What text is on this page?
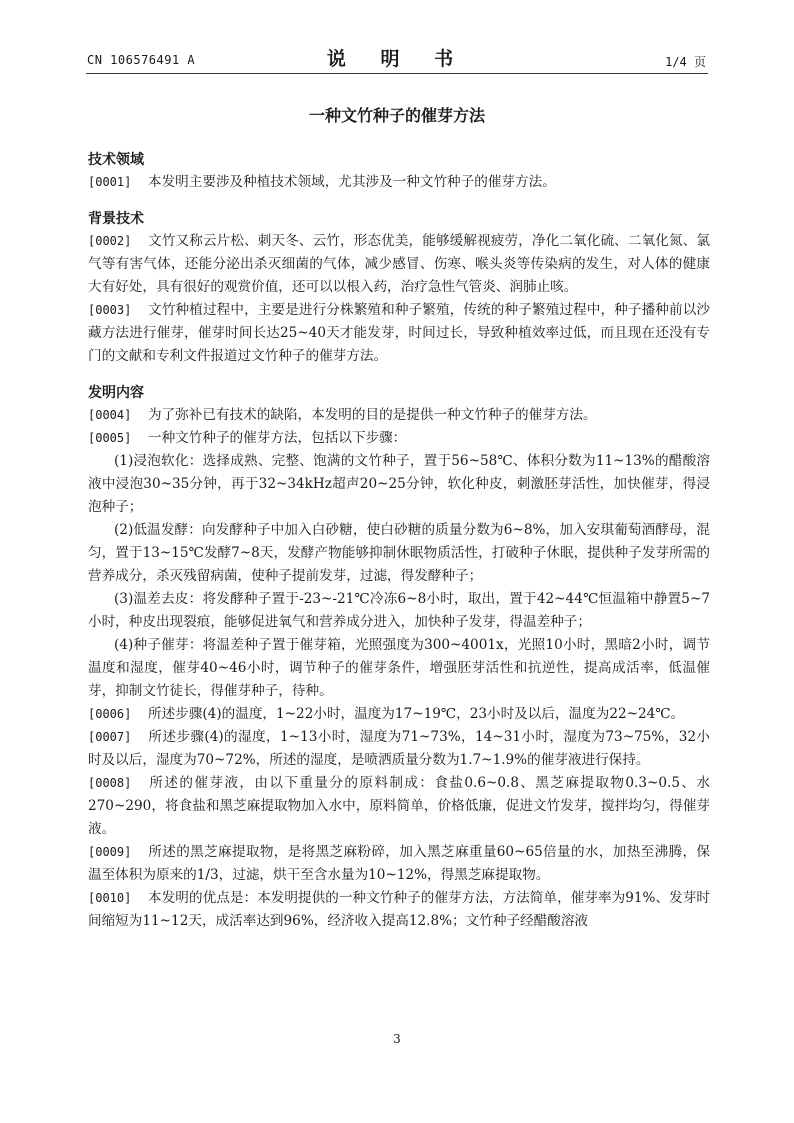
CN 106576491 A	说 明 书	1/4 页
一种文竹种子的催芽方法

技术领域

[0001] 本发明主要涉及种植技术领域，尤其涉及一种文竹种子的催芽方法。

背景技术

[0002] 文竹又称云片松、刺天冬、云竹，形态优美，能够缓解视疲劳，净化二氧化硫、二氧化氮、氯气等有害气体，还能分泌出杀灭细菌的气体，减少感冒、伤寒、喉头炎等传染病的发生，对人体的健康大有好处，具有很好的观赏价值，还可以以根入药，治疗急性气管炎、润肺止咳。

[0003] 文竹种植过程中，主要是进行分株繁殖和种子繁殖，传统的种子繁殖过程中，种子播种前以沙藏方法进行催芽，催芽时间长达25~40天才能发芽，时间过长，导致种植效率过低，而且现在还没有专门的文献和专利文件报道过文竹种子的催芽方法。

发明内容

[0004] 为了弥补已有技术的缺陷，本发明的目的是提供一种文竹种子的催芽方法。

[0005] 一种文竹种子的催芽方法，包括以下步骤：

(1)浸泡软化：选择成熟、完整、饱满的文竹种子，置于56~58℃、体积分数为11~13%的醋酸溶液中浸泡30~35分钟，再于32~34kHz超声20~25分钟，软化种皮，刺激胚芽活性，加快催芽，得浸泡种子；

(2)低温发酵：向发酵种子中加入白砂糖，使白砂糖的质量分数为6~8%，加入安琪葡萄酒酵母，混匀，置于13~15℃发酵7~8天，发酵产物能够抑制休眠物质活性，打破种子休眠，提供种子发芽所需的营养成分，杀灭残留病菌，使种子提前发芽，过滤，得发酵种子；

(3)温差去皮：将发酵种子置于-23~-21℃冷冻6~8小时，取出，置于42~44℃恒温箱中静置5~7小时，种皮出现裂痕，能够促进氧气和营养成分进入，加快种子发芽，得温差种子；

(4)种子催芽：将温差种子置于催芽箱，光照强度为300~4001x，光照10小时，黑暗2小时，调节温度和湿度，催芽40~46小时，调节种子的催芽条件，增强胚芽活性和抗逆性，提高成活率，低温催芽，抑制文竹徒长，得催芽种子，待种。

[0006] 所述步骤(4)的温度，1~22小时，温度为17~19℃，23小时及以后，温度为22~24℃。

[0007] 所述步骤(4)的湿度，1~13小时，湿度为71~73%，14~31小时，湿度为73~75%，32小时及以后，湿度为70~72%，所述的湿度，是喷洒质量分数为1.7~1.9%的催芽液进行保持。

[0008] 所述的催芽液，由以下重量分的原料制成：食盐0.6~0.8、黑芝麻提取物0.3~0.5、水270~290，将食盐和黑芝麻提取物加入水中，原料简单，价格低廉，促进文竹发芽，搅拌均匀，得催芽液。

[0009] 所述的黑芝麻提取物，是将黑芝麻粉碎，加入黑芝麻重量60~65倍量的水，加热至沸腾，保温至体积为原来的1/3，过滤，烘干至含水量为10~12%，得黑芝麻提取物。

[0010] 本发明的优点是：本发明提供的一种文竹种子的催芽方法，方法简单，催芽率为91%、发芽时间缩短为11~12天，成活率达到96%，经济收入提高12.8%；文竹种子经醋酸溶液

3
